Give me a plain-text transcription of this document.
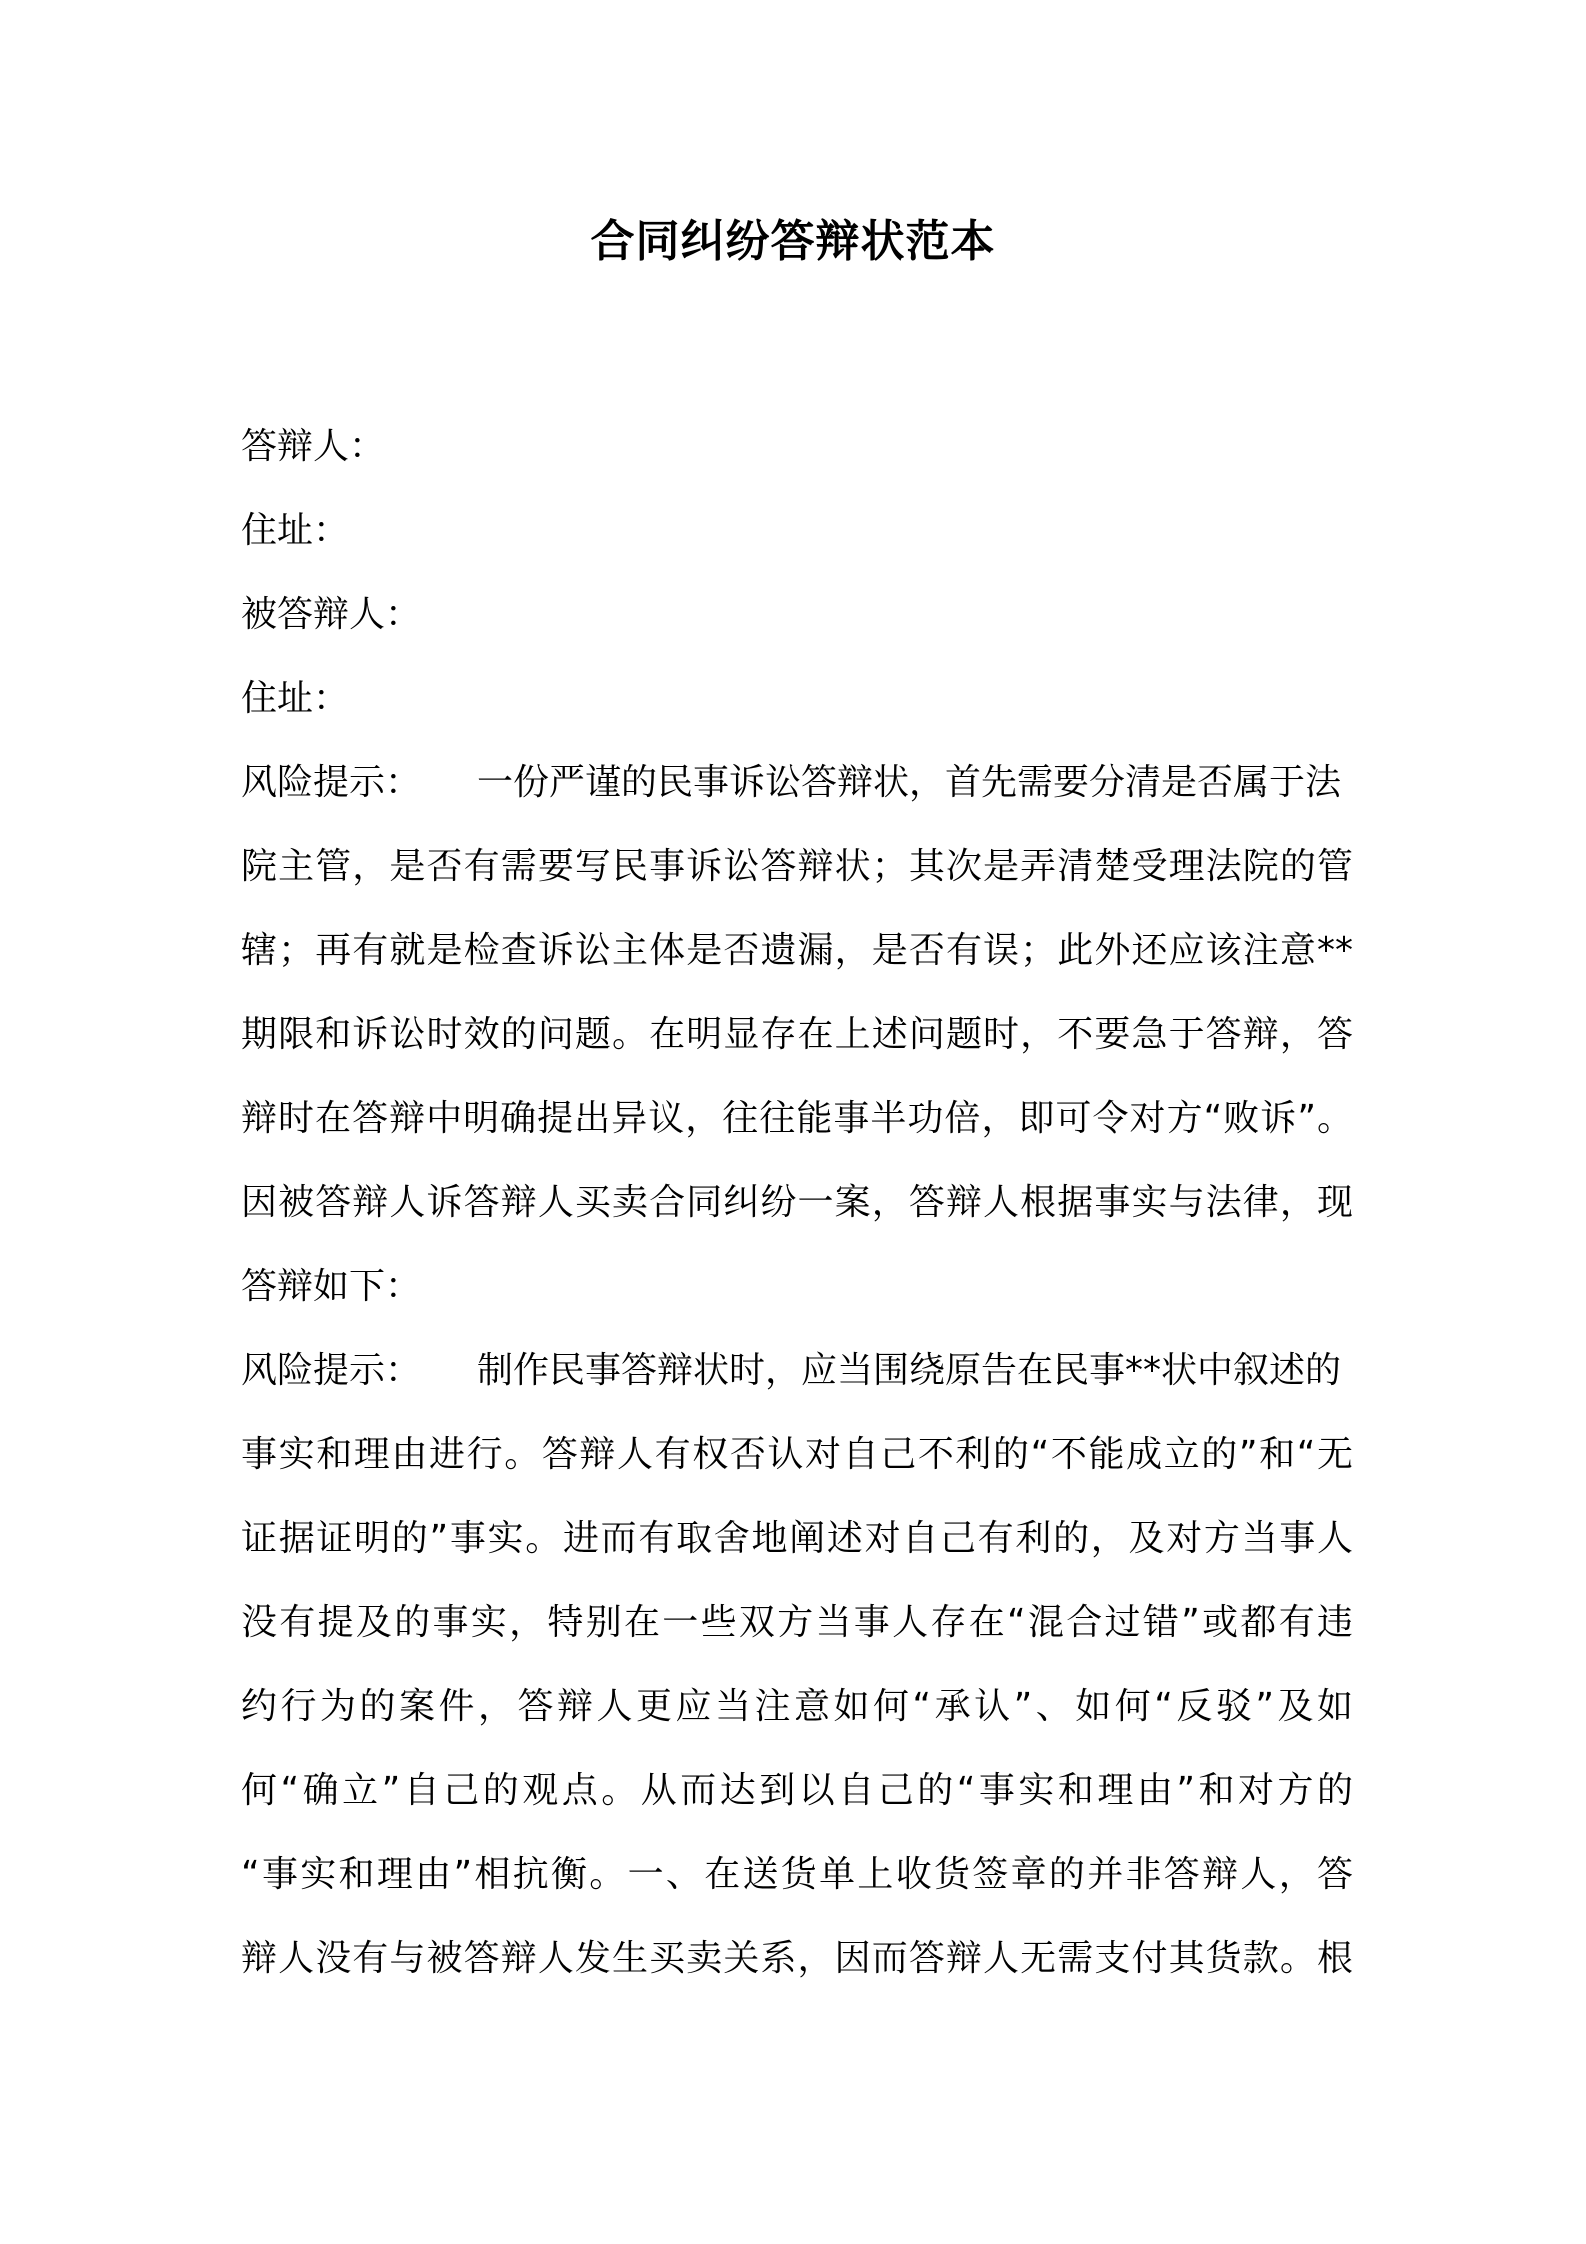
合同纠纷答辩状范本
答辩人：
住址：
被答辩人：
住址：
风险提示： 一份严谨的民事诉讼答辩状，首先需要分清是否属于法
院主管，是否有需要写民事诉讼答辩状；其次是弄清楚受理法院的管
辖；再有就是检查诉讼主体是否遗漏，是否有误；此外还应该注意**
期限和诉讼时效的问题。在明显存在上述问题时，不要急于答辩，答
辩时在答辩中明确提出异议，往往能事半功倍，即可令对方“败诉”。
因被答辩人诉答辩人买卖合同纠纷一案，答辩人根据事实与法律，现
答辩如下：
风险提示： 制作民事答辩状时，应当围绕原告在民事**状中叙述的
事实和理由进行。答辩人有权否认对自己不利的“不能成立的”和“无
证据证明的”事实。进而有取舍地阐述对自己有利的，及对方当事人
没有提及的事实，特别在一些双方当事人存在“混合过错”或都有违
约行为的案件，答辩人更应当注意如何“承认”、如何“反驳”及如
何“确立”自己的观点。从而达到以自己的“事实和理由”和对方的
“事实和理由”相抗衡。一、在送货单上收货签章的并非答辩人，答
辩人没有与被答辩人发生买卖关系，因而答辩人无需支付其货款。根
